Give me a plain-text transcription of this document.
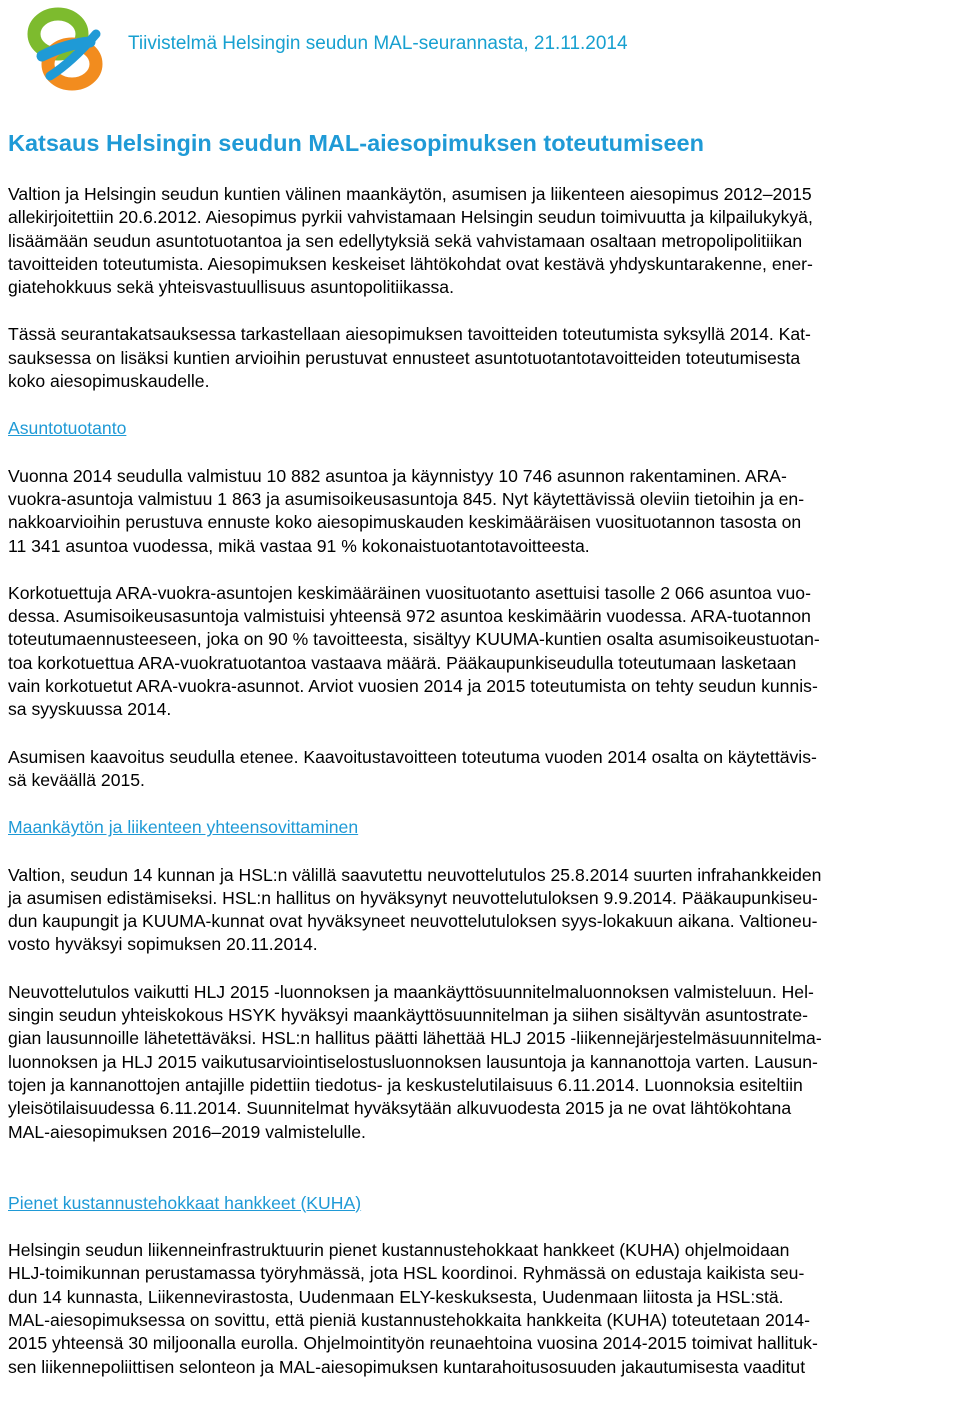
Tiivistelmä Helsingin seudun MAL-seurannasta, 21.11.2014
Katsaus Helsingin seudun MAL-aiesopimuksen toteutumiseen

Valtion ja Helsingin seudun kuntien välinen maankäytön, asumisen ja liikenteen aiesopimus 2012–2015
allekirjoitettiin 20.6.2012. Aiesopimus pyrkii vahvistamaan Helsingin seudun toimivuutta ja kilpailukykyä,
lisäämään seudun asuntotuotantoa ja sen edellytyksiä sekä vahvistamaan osaltaan metropolipolitiikan
tavoitteiden toteutumista. Aiesopimuksen keskeiset lähtökohdat ovat kestävä yhdyskuntarakenne, ener-
giatehokkuus sekä yhteisvastuullisuus asuntopolitiikassa.

Tässä seurantakatsauksessa tarkastellaan aiesopimuksen tavoitteiden toteutumista syksyllä 2014. Kat-
sauksessa on lisäksi kuntien arvioihin perustuvat ennusteet asuntotuotantotavoitteiden toteutumisesta
koko aiesopimuskaudelle.

Asuntotuotanto

Vuonna 2014 seudulla valmistuu 10 882 asuntoa ja käynnistyy 10 746 asunnon rakentaminen. ARA-
vuokra-asuntoja valmistuu 1 863 ja asumisoikeusasuntoja 845. Nyt käytettävissä oleviin tietoihin ja en-
nakkoarvioihin perustuva ennuste koko aiesopimuskauden keskimääräisen vuosituotannon tasosta on
11 341 asuntoa vuodessa, mikä vastaa 91 % kokonaistuotantotavoitteesta.

Korkotuettuja ARA-vuokra-asuntojen keskimääräinen vuosituotanto asettuisi tasolle 2 066 asuntoa vuo-
dessa. Asumisoikeusasuntoja valmistuisi yhteensä 972 asuntoa keskimäärin vuodessa. ARA-tuotannon
toteutumaennusteeseen, joka on 90 % tavoitteesta, sisältyy KUUMA-kuntien osalta asumisoikeustuotan-
toa korkotuettua ARA-vuokratuotantoa vastaava määrä. Pääkaupunkiseudulla toteutumaan lasketaan
vain korkotuetut ARA-vuokra-asunnot. Arviot vuosien 2014 ja 2015 toteutumista on tehty seudun kunnis-
sa syyskuussa 2014.

Asumisen kaavoitus seudulla etenee. Kaavoitustavoitteen toteutuma vuoden 2014 osalta on käytettävis-
sä keväällä 2015.

Maankäytön ja liikenteen yhteensovittaminen

Valtion, seudun 14 kunnan ja HSL:n välillä saavutettu neuvottelutulos 25.8.2014 suurten infrahankkeiden
ja asumisen edistämiseksi. HSL:n hallitus on hyväksynyt neuvottelutuloksen 9.9.2014. Pääkaupunkiseu-
dun kaupungit ja KUUMA-kunnat ovat hyväksyneet neuvottelutuloksen syys-lokakuun aikana. Valtioneu-
vosto hyväksyi sopimuksen 20.11.2014.

Neuvottelutulos vaikutti HLJ 2015 -luonnoksen ja maankäyttösuunnitelmaluonnoksen valmisteluun. Hel-
singin seudun yhteiskokous HSYK hyväksyi maankäyttösuunnitelman ja siihen sisältyvän asuntostrate-
gian lausunnoille lähetettäväksi. HSL:n hallitus päätti lähettää HLJ 2015 -liikennejärjestelmäsuunnitelma-
luonnoksen ja HLJ 2015 vaikutusarviointiselostusluonnoksen lausuntoja ja kannanottoja varten. Lausun-
tojen ja kannanottojen antajille pidettiin tiedotus- ja keskustelutilaisuus 6.11.2014. Luonnoksia esiteltiin
yleisötilaisuudessa 6.11.2014. Suunnitelmat hyväksytään alkuvuodesta 2015 ja ne ovat lähtökohtana
MAL-aiesopimuksen 2016–2019 valmistelulle.

Pienet kustannustehokkaat hankkeet (KUHA)

Helsingin seudun liikenneinfrastruktuurin pienet kustannustehokkaat hankkeet (KUHA) ohjelmoidaan
HLJ-toimikunnan perustamassa työryhmässä, jota HSL koordinoi. Ryhmässä on edustaja kaikista seu-
dun 14 kunnasta, Liikennevirastosta, Uudenmaan ELY-keskuksesta, Uudenmaan liitosta ja HSL:stä.
MAL-aiesopimuksessa on sovittu, että pieniä kustannustehokkaita hankkeita (KUHA) toteutetaan 2014-
2015 yhteensä 30 miljoonalla eurolla. Ohjelmointityön reunaehtoina vuosina 2014-2015 toimivat hallituk-
sen liikennepoliittisen selonteon ja MAL-aiesopimuksen kuntarahoitusosuuden jakautumisesta vaaditut
